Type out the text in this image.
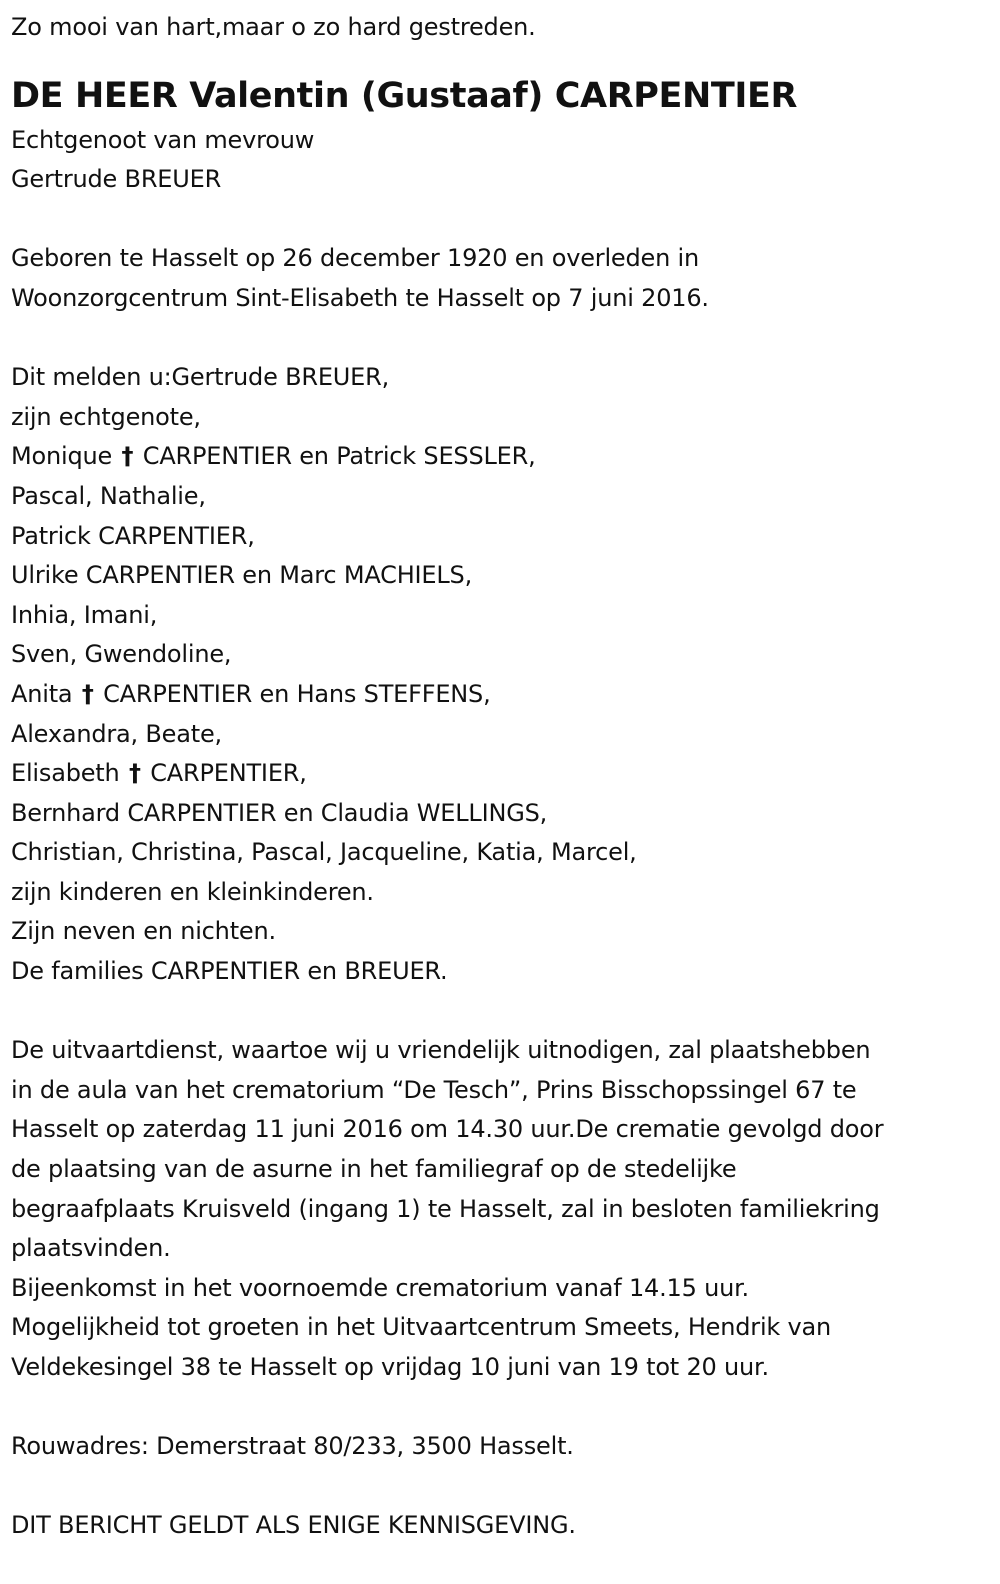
Zo mooi van hart,maar o zo hard gestreden.
DE HEER Valentin (Gustaaf) CARPENTIER
Echtgenoot van mevrouw
Gertrude BREUER
Geboren te Hasselt op 26 december 1920 en overleden in
Woonzorgcentrum Sint-Elisabeth te Hasselt op 7 juni 2016.
Dit melden u:Gertrude BREUER,
zijn echtgenote,
Monique † CARPENTIER en Patrick SESSLER,
Pascal, Nathalie,
Patrick CARPENTIER,
Ulrike CARPENTIER en Marc MACHIELS,
Inhia, Imani,
Sven, Gwendoline,
Anita † CARPENTIER en Hans STEFFENS,
Alexandra, Beate,
Elisabeth † CARPENTIER,
Bernhard CARPENTIER en Claudia WELLINGS,
Christian, Christina, Pascal, Jacqueline, Katia, Marcel,
zijn kinderen en kleinkinderen.
Zijn neven en nichten.
De families CARPENTIER en BREUER.
De uitvaartdienst, waartoe wij u vriendelijk uitnodigen, zal plaatshebben
in de aula van het crematorium “De Tesch”, Prins Bisschopssingel 67 te
Hasselt op zaterdag 11 juni 2016 om 14.30 uur.De crematie gevolgd door
de plaatsing van de asurne in het familiegraf op de stedelijke
begraafplaats Kruisveld (ingang 1) te Hasselt, zal in besloten familiekring
plaatsvinden.
Bijeenkomst in het voornoemde crematorium vanaf 14.15 uur.
Mogelijkheid tot groeten in het Uitvaartcentrum Smeets, Hendrik van
Veldekesingel 38 te Hasselt op vrijdag 10 juni van 19 tot 20 uur.
Rouwadres: Demerstraat 80/233, 3500 Hasselt.
DIT BERICHT GELDT ALS ENIGE KENNISGEVING.
